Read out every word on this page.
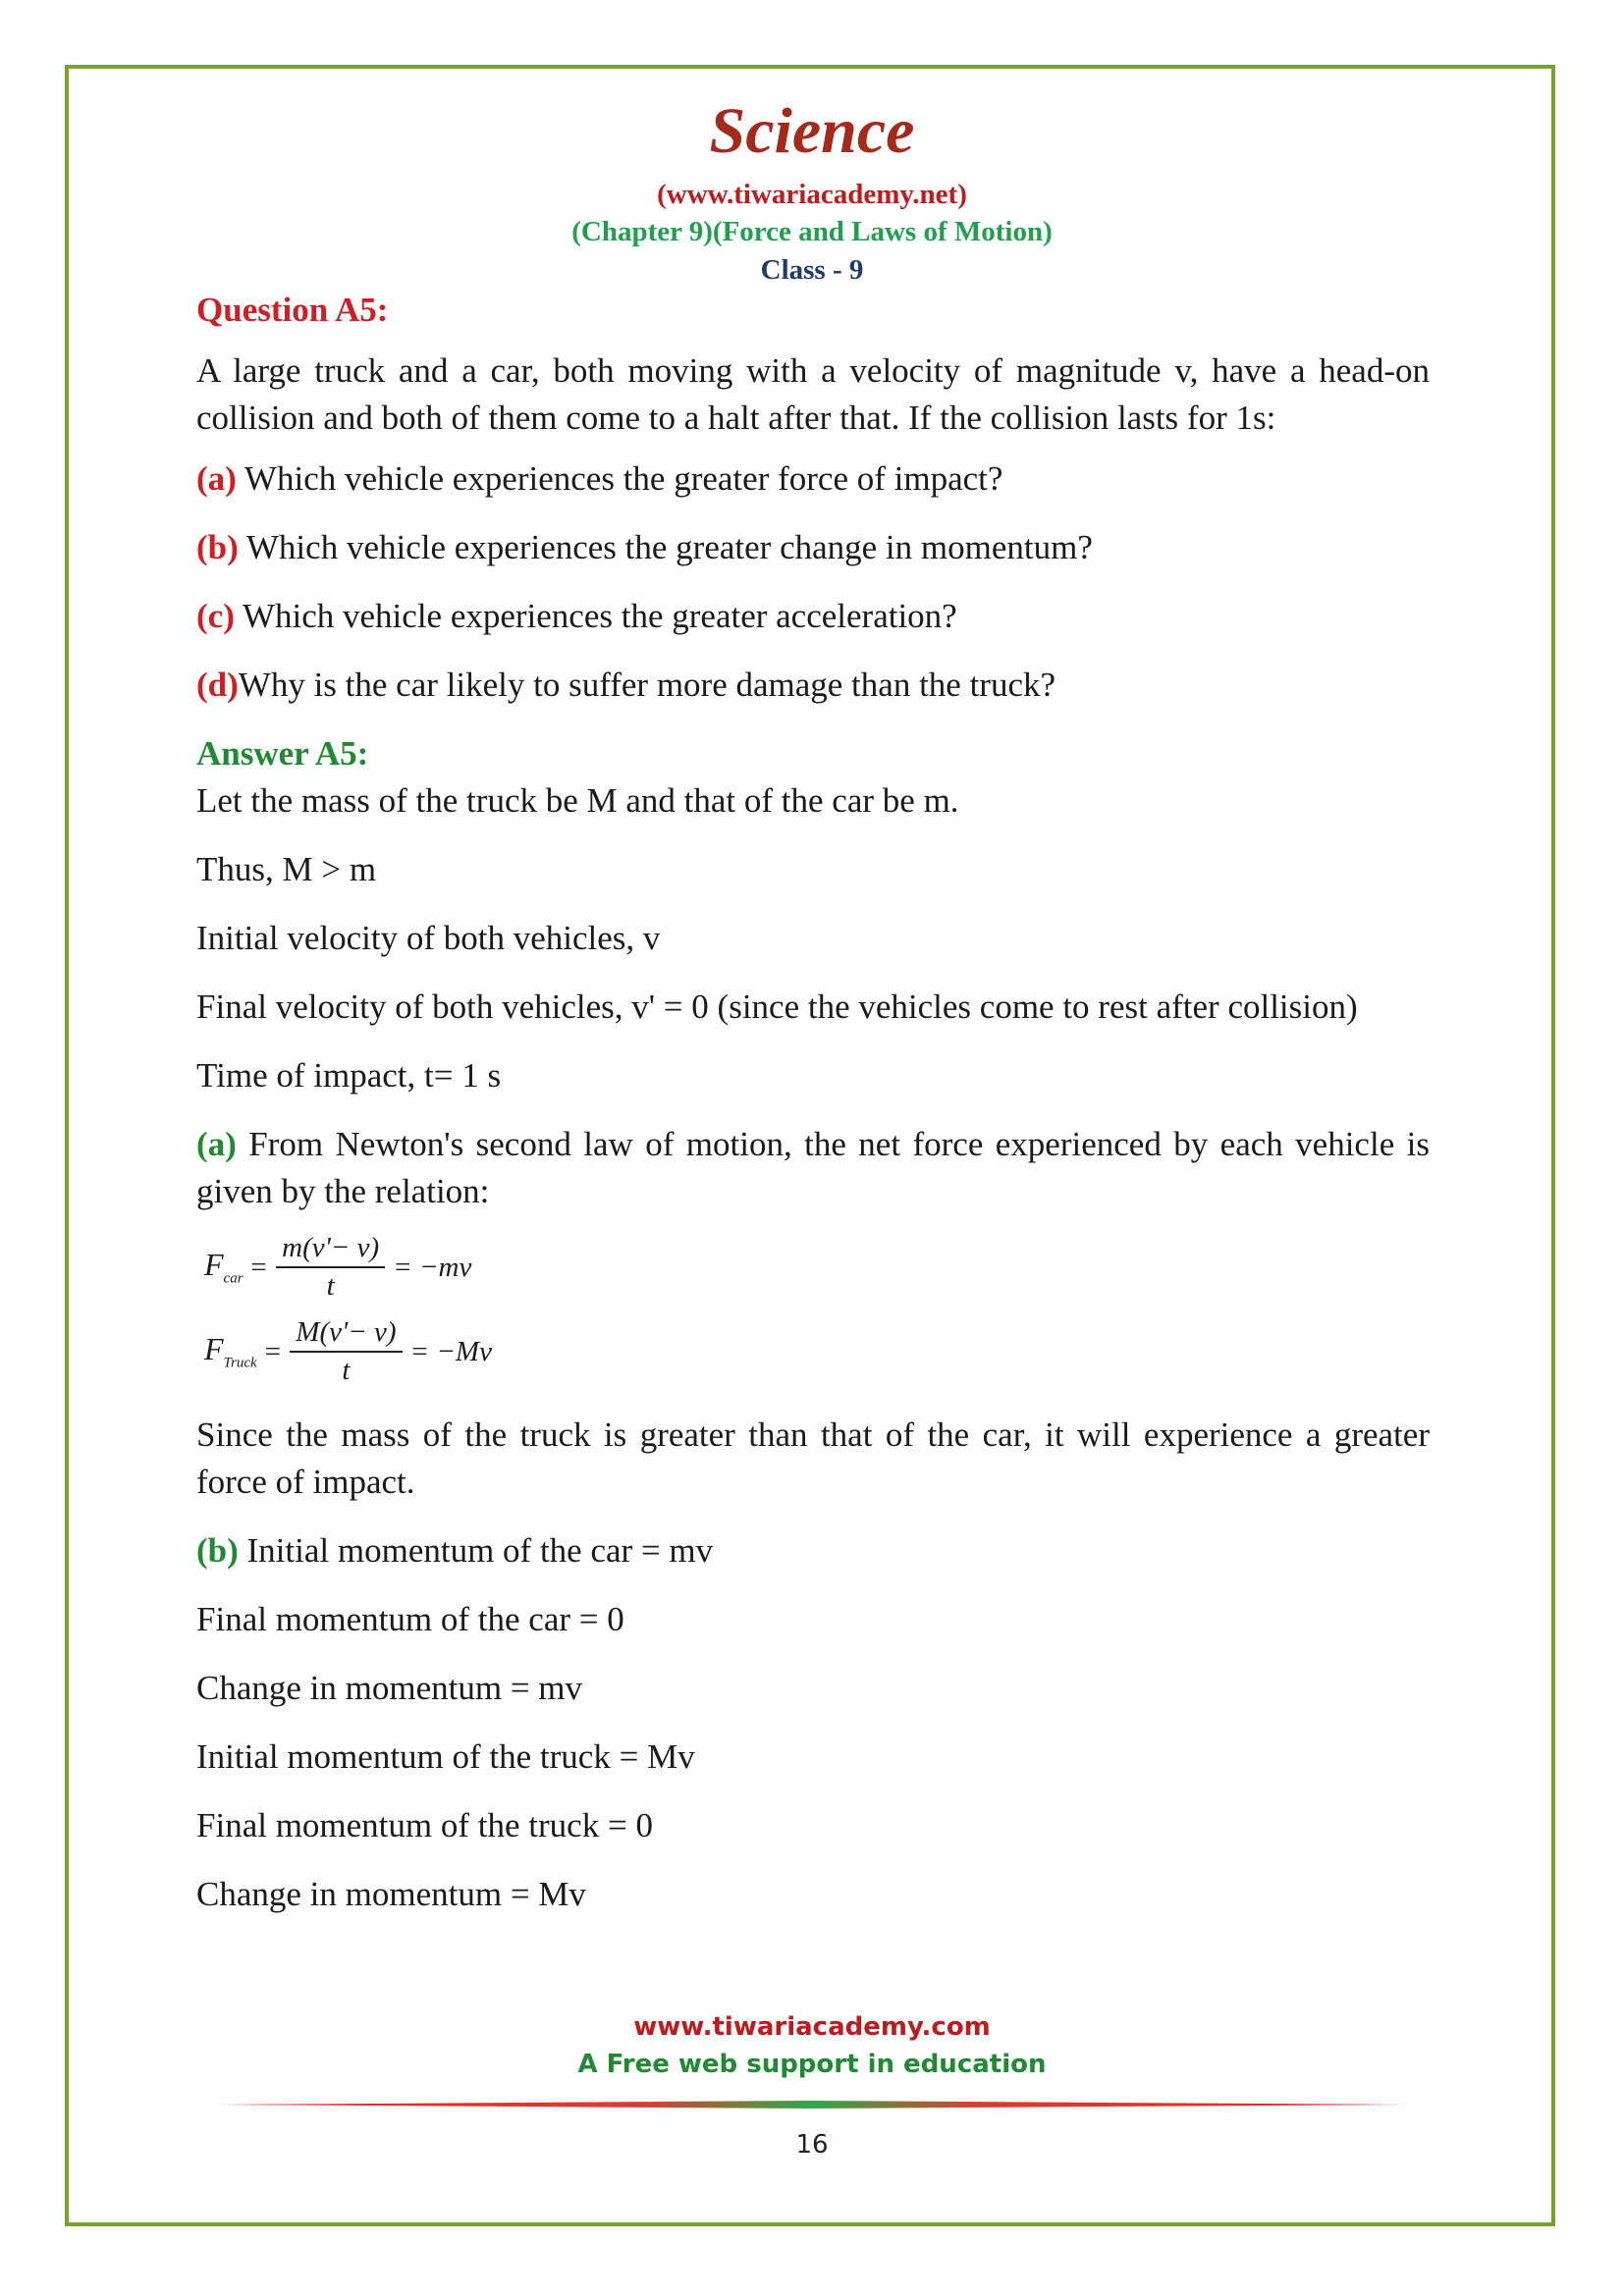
Science
(www.tiwariacademy.net)
(Chapter 9)(Force and Laws of Motion)
Class - 9

Question A5:

A large truck and a car, both moving with a velocity of magnitude v, have a head-on collision and both of them come to a halt after that. If the collision lasts for 1s:

(a) Which vehicle experiences the greater force of impact?

(b) Which vehicle experiences the greater change in momentum?

(c) Which vehicle experiences the greater acceleration?

(d)Why is the car likely to suffer more damage than the truck?

Answer A5:

Let the mass of the truck be M and that of the car be m.

Thus, M > m

Initial velocity of both vehicles, v

Final velocity of both vehicles, v' = 0 (since the vehicles come to rest after collision)

Time of impact, t= 1 s

(a) From Newton's second law of motion, the net force experienced by each vehicle is given by the relation:

$F_{car} = \frac{m(v'- v)}{t} = -mv$
$F_{Truck} = \frac{M(v'- v)}{t} = -Mv$

Since the mass of the truck is greater than that of the car, it will experience a greater force of impact.

(b) Initial momentum of the car = mv

Final momentum of the car = 0

Change in momentum = mv

Initial momentum of the truck = Mv

Final momentum of the truck = 0

Change in momentum = Mv

www.tiwariacademy.com
A Free web support in education
16
